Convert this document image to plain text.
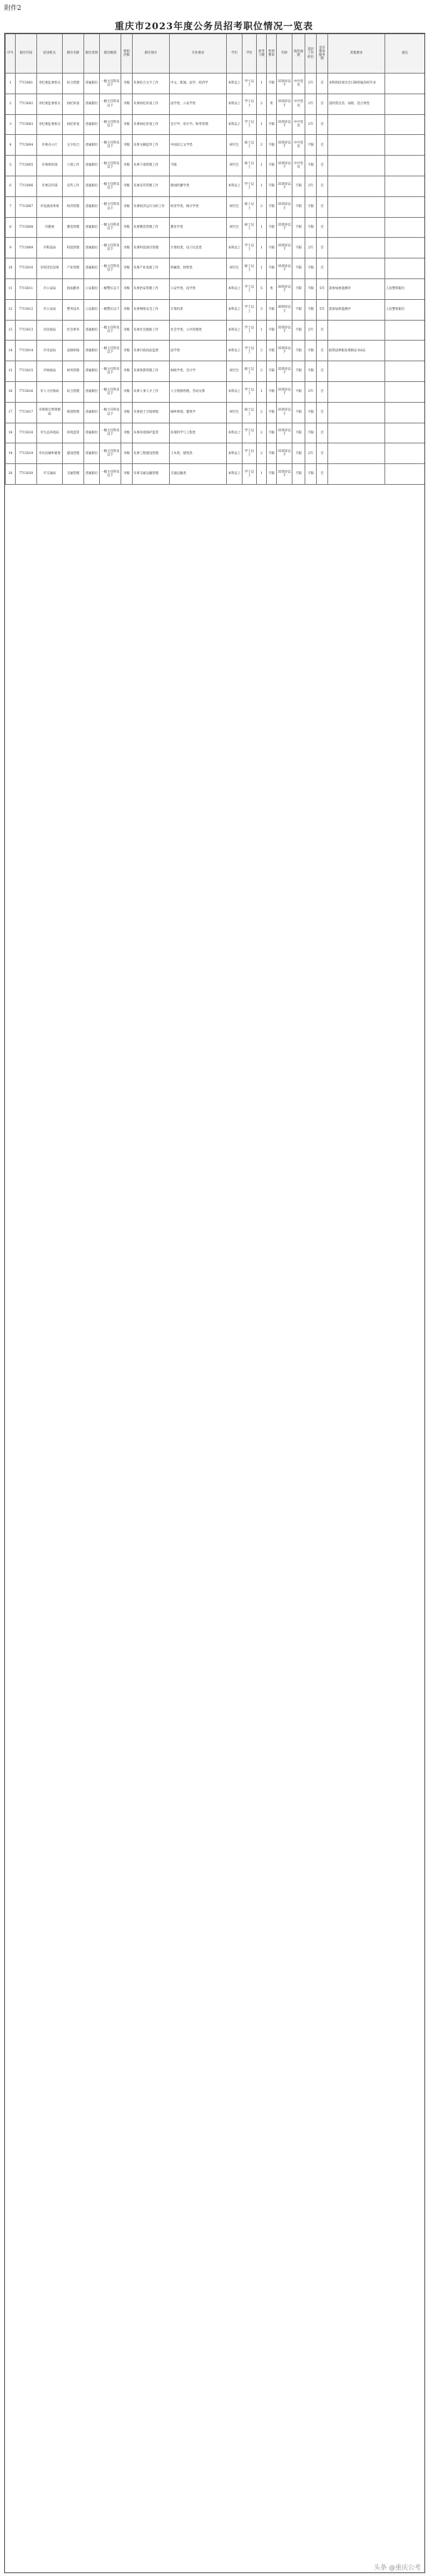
附件2
重庆市2023年度公务员招考职位情况一览表
序号	职位代码	招录机关	职位名称	职位类别	职位级别	机构层级	职位简介	专业要求	学历	学位	招考人数	性别要求	年龄	政治面貌	基层工作经历	是否要求服务期	其他要求	备注
1	7715001	市纪委监委机关	综合管理	普通职位	一级主任科员以下	市级	从事综合文字工作	中文、新闻、法学、经济学	本科以上	学士以上	1	不限	35周岁以下	中共党员	2年	否	本科阶段须为全日制普通高校毕业	
2	7715002	市纪委监委机关	执纪审查	普通职位	一级主任科员以下	市级	从事执纪审查工作	法学类、公安学类	本科以上	学士以上	2	男	35周岁以下	中共党员	2年	否	需经常出差、加班，适合男性	
3	7715003	市纪委监委机关	执纪审查	普通职位	一级主任科员以下	市级	从事执纪审查工作	会计学、审计学、财务管理	本科以上	学士以上	1	不限	35周岁以下	中共党员	2年	否		
4	7715004	市委办公厅	文字综合	普通职位	一级主任科员以下	市级	从事文稿起草工作	中国语言文学类	研究生	硕士以上	2	不限	35周岁以下	中共党员	不限	否		
5	7715005	市委组织部	干部工作	普通职位	一级主任科员以下	市级	从事干部管理工作	不限	研究生	硕士以上	1	不限	35周岁以下	中共党员	不限	否		
6	7715006	市委宣传部	宣传工作	普通职位	一级主任科员以下	市级	从事宣传管理工作	新闻传播学类	本科以上	学士以上	1	不限	35周岁以下	不限	2年	否		
7	7715007	市发展改革委	经济管理	普通职位	一级主任科员以下	市级	从事经济运行分析工作	经济学类、统计学类	研究生	硕士以上	2	不限	35周岁以下	不限	不限	否		
8	7715008	市教委	教育管理	普通职位	一级主任科员以下	市级	从事教育管理工作	教育学类	研究生	硕士以上	1	不限	35周岁以下	不限	不限	否		
9	7715009	市科技局	科技管理	普通职位	一级主任科员以下	市级	从事科技项目管理	计算机类、电子信息类	本科以上	学士以上	1	不限	35周岁以下	不限	2年	否		
10	7715010	市经济信息委	产业管理	普通职位	一级主任科员以下	市级	从事产业发展工作	机械类、材料类	研究生	硕士以上	1	不限	35周岁以下	不限	不限	否		
11	7715011	市公安局	执法勤务	公安职位	一级警长以下	市级	从事治安管理工作	公安学类、法学类	本科以上	学士以上	5	男	30周岁以下	不限	不限	5年	需参加体能测评	人民警察职位
12	7715012	市公安局	警务技术	公安职位	一级警长以下	市级	从事网络安全工作	计算机类	本科以上	学士以上	3	不限	30周岁以下	不限	不限	5年	需参加体能测评	人民警察职位
13	7715013	市民政局	社会事务	普通职位	一级主任科员以下	市级	从事社会救助工作	社会学类、公共管理类	本科以上	学士以上	1	不限	35周岁以下	不限	2年	否		
14	7715014	市司法局	法制审核	普通职位	一级主任科员以下	市级	从事行政执法监督	法学类	本科以上	学士以上	2	不限	35周岁以下	不限	不限	否	取得法律职业资格证书A证	
15	7715015	市财政局	财务管理	普通职位	一级主任科员以下	市级	从事预算管理工作	财政学类、会计学	研究生	硕士以上	2	不限	35周岁以下	不限	不限	否		
16	7715016	市人力社保局	综合管理	普通职位	一级主任科员以下	市级	从事人事人才工作	人力资源管理、劳动关系	本科以上	学士以上	1	不限	35周岁以下	不限	2年	否		
17	7715017	市规划自然资源局	规划管理	普通职位	一级主任科员以下	市级	从事国土空间规划	城乡规划、建筑学	研究生	硕士以上	2	不限	35周岁以下	不限	不限	否		
18	7715018	市生态环境局	环境监管	普通职位	一级主任科员以下	市级	从事环境保护监管	环境科学与工程类	本科以上	学士以上	2	不限	35周岁以下	不限	不限	否		
19	7715019	市住房城乡建委	建设管理	普通职位	一级主任科员以下	市级	从事工程建设管理	土木类、建筑类	本科以上	学士以上	2	不限	35周岁以下	不限	2年	否		
20	7715020	市交通局	交通管理	普通职位	一级主任科员以下	市级	从事交通运输管理	交通运输类	本科以上	学士以上	1	不限	35周岁以下	不限	不限	否		
头条 @重庆公考
